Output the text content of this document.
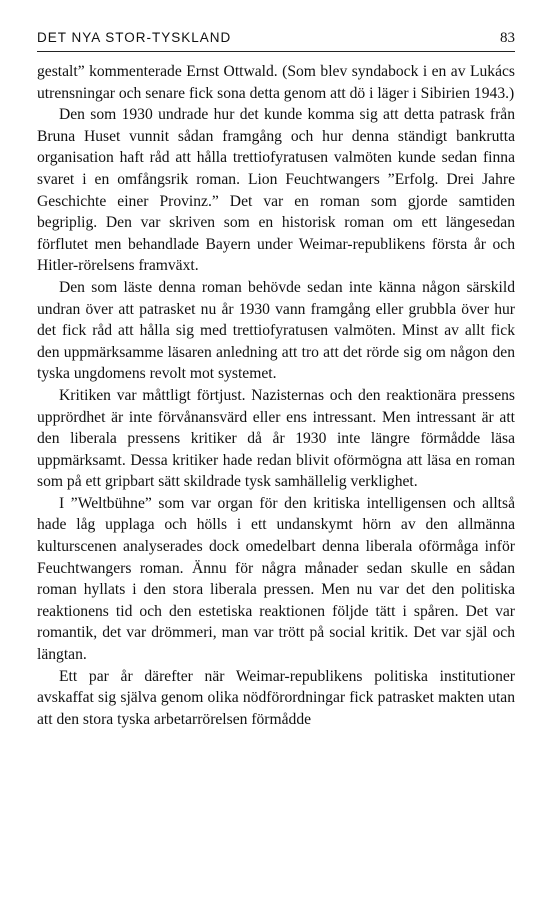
DET NYA STOR-TYSKLAND	83

gestalt” kommenterade Ernst Ottwald. (Som blev syndabock i en av Lukács utrensningar och senare fick sona detta genom att dö i läger i Sibirien 1943.)

Den som 1930 undrade hur det kunde komma sig att detta patrask från Bruna Huset vunnit sådan framgång och hur denna ständigt bankrutta organisation haft råd att hålla trettiofyratusen valmöten kunde sedan finna svaret i en omfångsrik roman. Lion Feuchtwangers ”Erfolg. Drei Jahre Geschichte einer Provinz.” Det var en roman som gjorde samtiden begriplig. Den var skriven som en historisk roman om ett längesedan förflutet men behandlade Bayern under Weimar-republikens första år och Hitler-rörelsens framväxt.

Den som läste denna roman behövde sedan inte känna någon särskild undran över att patrasket nu år 1930 vann framgång eller grubbla över hur det fick råd att hålla sig med trettiofyratusen valmöten. Minst av allt fick den uppmärksamme läsaren anledning att tro att det rörde sig om någon den tyska ungdomens revolt mot systemet.

Kritiken var måttligt förtjust. Nazisternas och den reaktionära pressens upprördhet är inte förvånansvärd eller ens intressant. Men intressant är att den liberala pressens kritiker då år 1930 inte längre förmådde läsa uppmärksamt. Dessa kritiker hade redan blivit oförmögna att läsa en roman som på ett gripbart sätt skildrade tysk samhällelig verklighet.

I ”Weltbühne” som var organ för den kritiska intelligensen och alltså hade låg upplaga och hölls i ett undanskymt hörn av den allmänna kulturscenen analyserades dock omedelbart denna liberala oförmåga inför Feuchtwangers roman. Ännu för några månader sedan skulle en sådan roman hyllats i den stora liberala pressen. Men nu var det den politiska reaktionens tid och den estetiska reaktionen följde tätt i spåren. Det var romantik, det var drömmeri, man var trött på social kritik. Det var själ och längtan.

Ett par år därefter när Weimar-republikens politiska institutioner avskaffat sig själva genom olika nödförordningar fick patrasket makten utan att den stora tyska arbetarrörelsen förmådde
